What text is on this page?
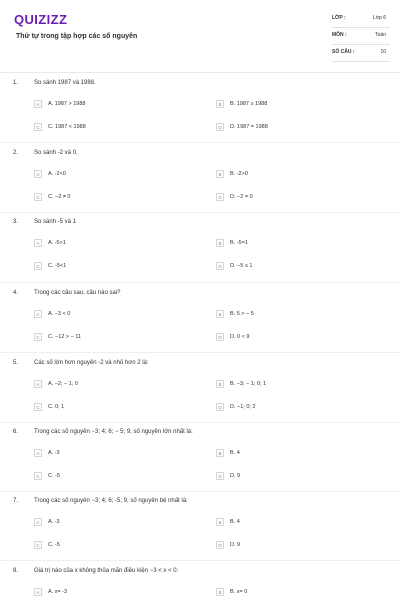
QUIZIZZ
Thứ tự trong tập hợp các số nguyên
LỚP :	Lớp 6
MÔN :	Toán
SỐ CÂU :	10
1.	So sánh 1987 và 1988.
A	A. 1987 > 1988	B	B. 1987 ≥ 1988
C	C. 1987 < 1988	D	D. 1987 = 1988
2.	So sánh -2 và 0.
A	A. -2<0	B	B. -2>0
C	C. −2 ≠ 0	D	D. −2 = 0
3.	So sánh -5 và 1
A	A. -5>1	B	B. -5=1
C	C. -5<1	D	D. −5 ≤ 1
4.	Trong các câu sau, câu nào sai?
A	A. −3 < 0	B	B. 5 > − 5
C	C. −12 > − 11	D	D. 0 < 9
5.	Các số lớn hơn nguyên -2 và nhỏ hơn 2 là:
A	A. −2; − 1; 0	B	B. −3; − 1; 0; 1
C	C. 0; 1	D	D. −1; 0; 2
6.	Trong các số nguyên −3; 4; 6; − 5; 9, số nguyên lớn nhất là:
A	A. -3	B	B. 4
C	C. -5	D	D. 9
7.	Trong các số nguyên −3; 4; 6; -5; 9, số nguyên bé nhất là:
A	A. -3	B	B. 4
C	C. -5	D	D. 9
8.	Giá trị nào của x không thỏa mãn điều kiện −3 < x < 0:
A	A. x= -3	B	B. x= 0
